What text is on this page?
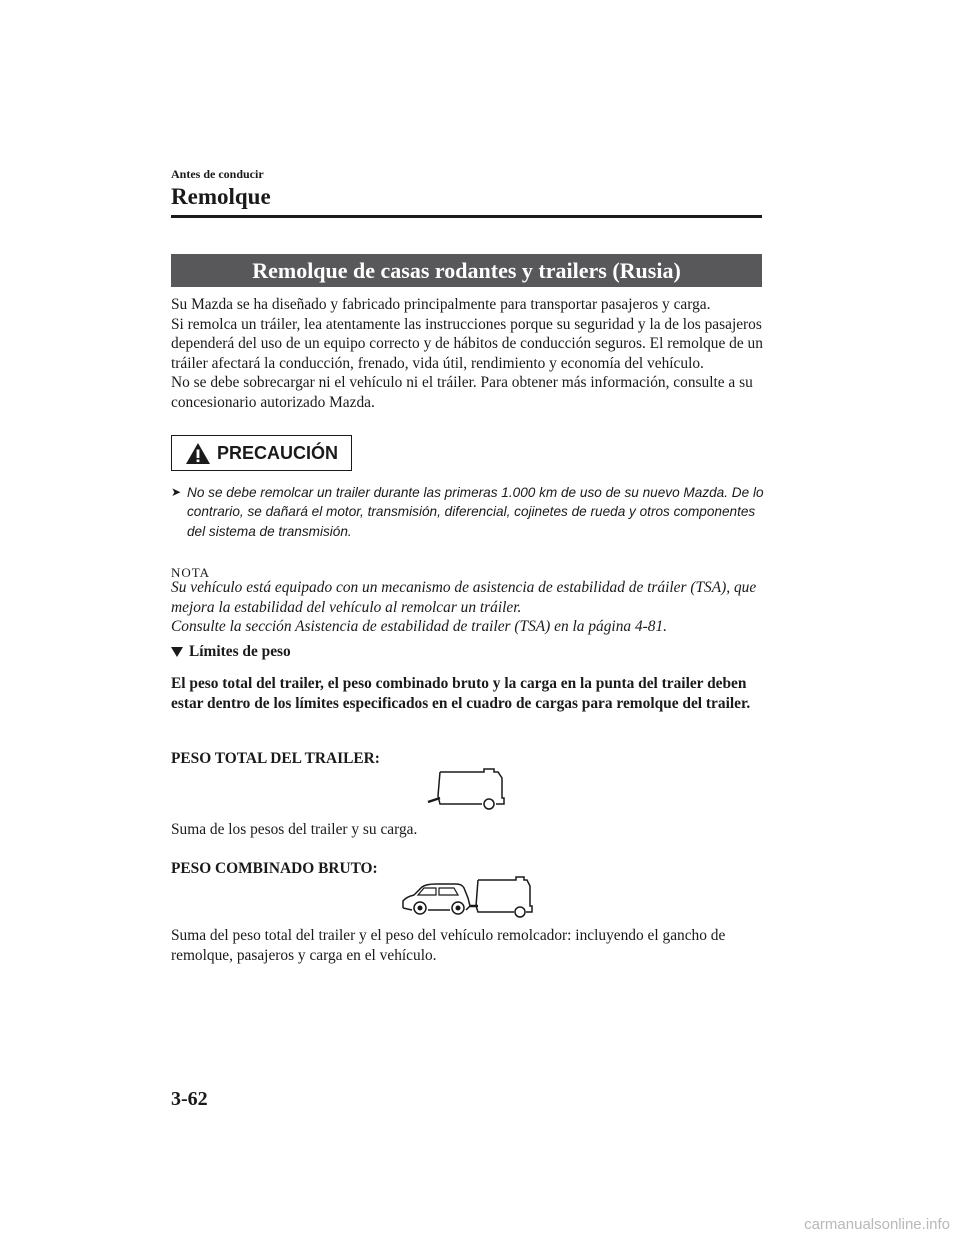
Antes de conducir
Remolque
Remolque de casas rodantes y trailers (Rusia)

Su Mazda se ha diseñado y fabricado principalmente para transportar pasajeros y carga.

Si remolca un tráiler, lea atentamente las instrucciones porque su seguridad y la de los pasajeros dependerá del uso de un equipo correcto y de hábitos de conducción seguros. El remolque de un tráiler afectará la conducción, frenado, vida útil, rendimiento y economía del vehículo.

No se debe sobrecargar ni el vehículo ni el tráiler. Para obtener más información, consulte a su concesionario autorizado Mazda.

PRECAUCIÓN
➤ No se debe remolcar un trailer durante las primeras 1.000 km de uso de su nuevo Mazda. De lo contrario, se dañará el motor, transmisión, diferencial, cojinetes de rueda y otros componentes del sistema de transmisión.
NOTA

Su vehículo está equipado con un mecanismo de asistencia de estabilidad de tráiler (TSA), que mejora la estabilidad del vehículo al remolcar un tráiler.

Consulte la sección Asistencia de estabilidad de trailer (TSA) en la página 4-81.

Límites de peso
El peso total del trailer, el peso combinado bruto y la carga en la punta del trailer deben estar dentro de los límites especificados en el cuadro de cargas para remolque del trailer.
PESO TOTAL DEL TRAILER:
Suma de los pesos del trailer y su carga.
PESO COMBINADO BRUTO:
Suma del peso total del trailer y el peso del vehículo remolcador: incluyendo el gancho de remolque, pasajeros y carga en el vehículo.
3-62
carmanualsonline.info
